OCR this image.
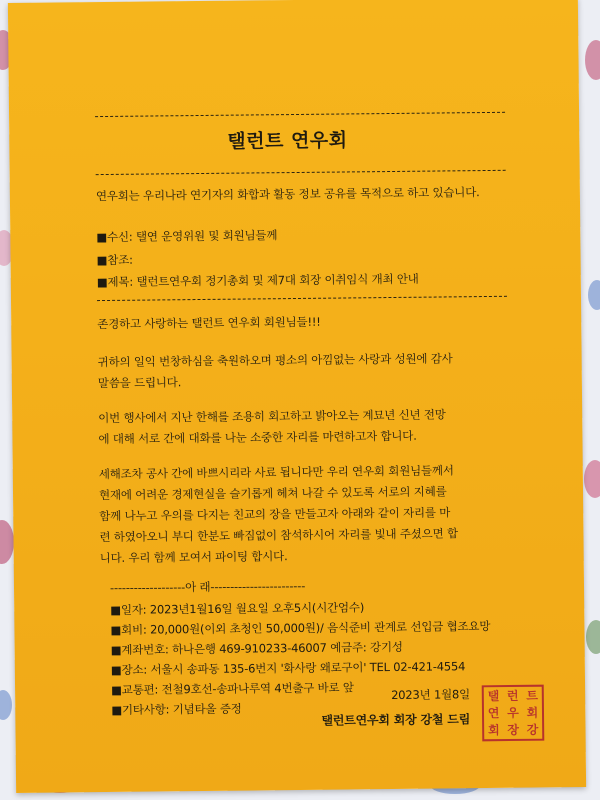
탤런트 연우회
연우회는 우리나라 연기자의 화합과 활동 정보 공유를 목적으로 하고 있습니다.
■수신: 탤연 운영위원 및 회원님들께
■참조:
■제목: 탤런트연우회 정기총회 및 제7대 회장 이취임식 개최 안내
존경하고 사랑하는 탤런트 연우회 회원님들!!!
귀하의 일익 번창하심을 축원하오며 평소의 아낌없는 사랑과 성원에 감사
말씀을 드립니다.
이번 행사에서 지난 한해를 조용히 회고하고 밝아오는 계묘년 신년 전망
에 대해 서로 간에 대화를 나눈 소중한 자리를 마련하고자 합니다.
세해조차 공사 간에 바쁘시리라 사료 됩니다만 우리 연우회 회원님들께서
현재에 어려운 경제현실을 슬기롭게 헤쳐 나갈 수 있도록 서로의 지혜를
함께 나누고 우의를 다지는 친교의 장을 만들고자 아래와 같이 자리를 마
련 하였아오니 부디 한분도 빠짐없이 참석하시어 자리를 빛내 주셨으면 합
니다. 우리 함께 모여서 파이팅 합시다.
-------------------아 래------------------------
■일자: 2023년1월16일 월요일 오후5시(시간엄수)
■회비: 20,000원(이외 초청인 50,000원)/ 음식준비 관계로 선입금 협조요망
■계좌번호: 하나은행 469-910233-46007 예금주: 강기성
■장소: 서울시 송파동 135-6번지 '화사랑 왜로구이' TEL 02-421-4554
■교통편: 전철9호선-송파나루역 4번출구 바로 앞
■기타사항: 기념타올 증정
2023년 1월8일
탤런트연우회 회장 강철 드림
탤 런 트
연 우 회
회 장 강
